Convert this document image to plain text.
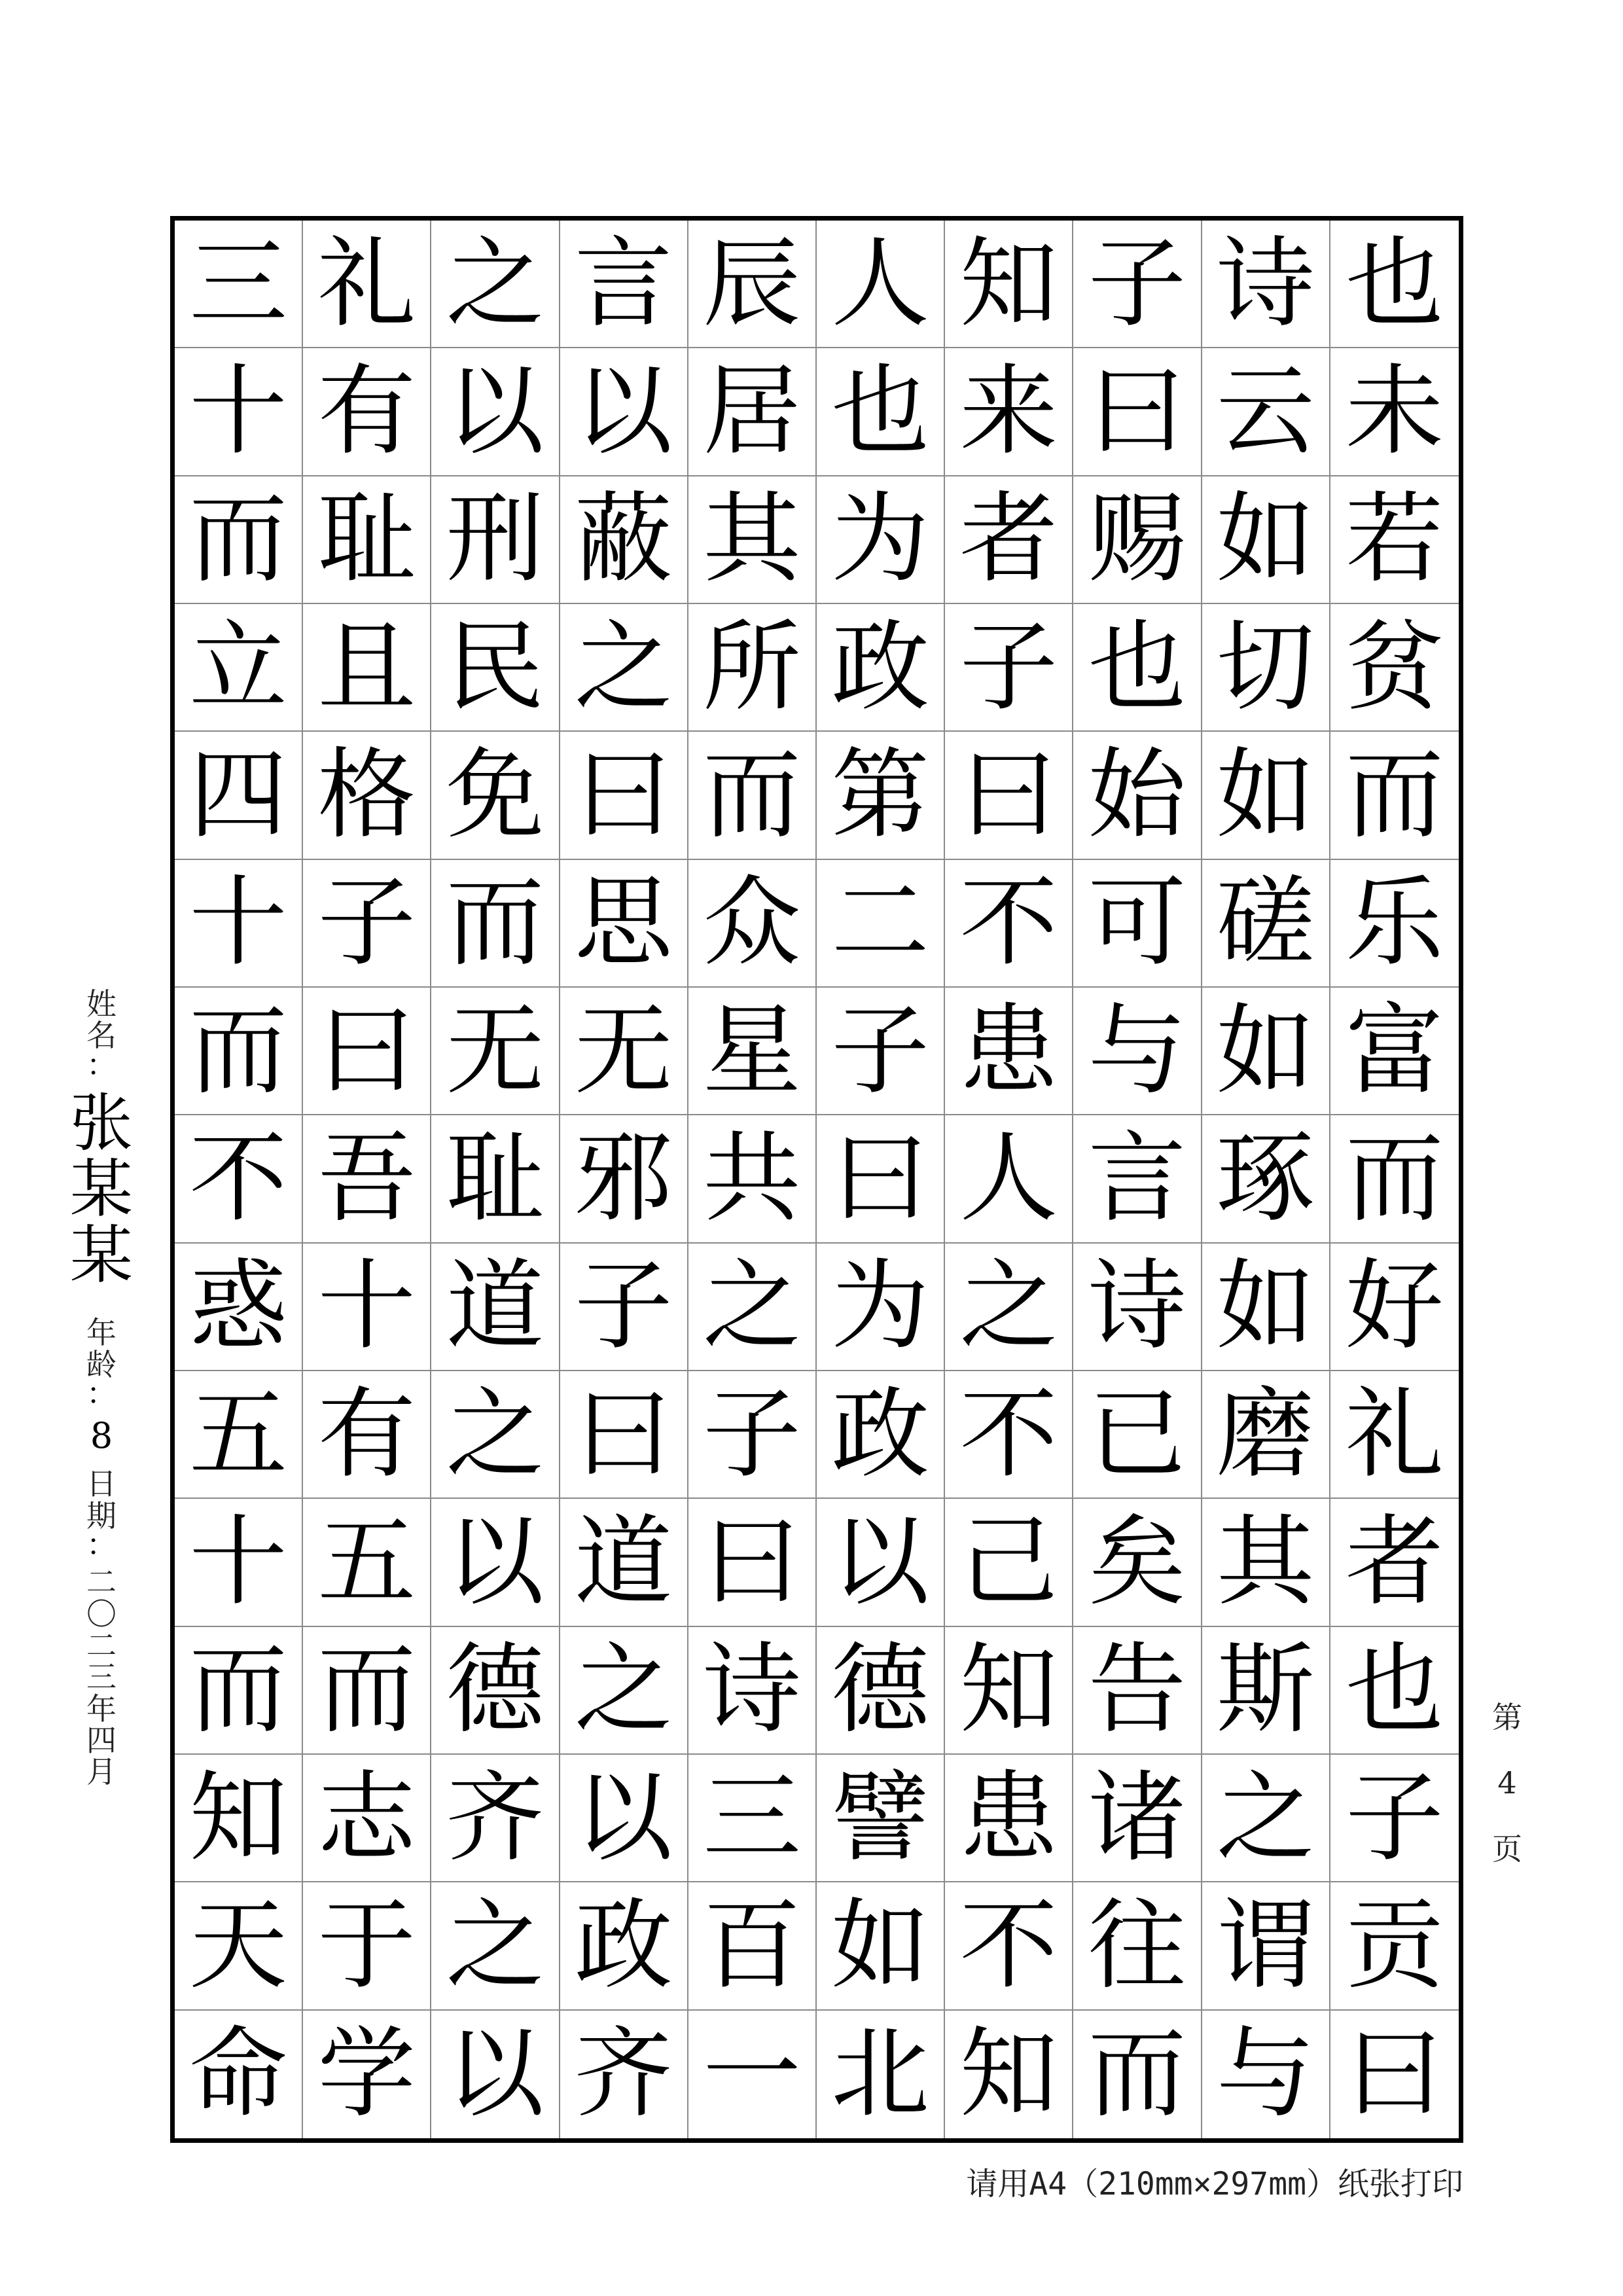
三
十
而
立
四
十
而
不
惑
五
十
而
知
天
命
礼
有
耻
且
格
子
曰
吾
十
有
五
而
志
于
学
之
以
刑
民
免
而
无
耻
道
之
以
德
齐
之
以
言
以
蔽
之
曰
思
无
邪
子
曰
道
之
以
政
齐
辰
居
其
所
而
众
星
共
之
子
曰
诗
三
百
一
人
也
为
政
第
二
子
曰
为
政
以
德
譬
如
北
知
来
者
子
曰
不
患
人
之
不
己
知
患
不
知
子
曰
赐
也
始
可
与
言
诗
已
矣
告
诸
往
而
诗
云
如
切
如
磋
如
琢
如
磨
其
斯
之
谓
与
也
未
若
贫
而
乐
富
而
好
礼
者
也
子
贡
曰
姓
名
：
张
某
某
年
龄
：
8
日
期
：
二
〇
二
三
年
四
月
第
4
页
请用A4（210mm×297mm）纸张打印
